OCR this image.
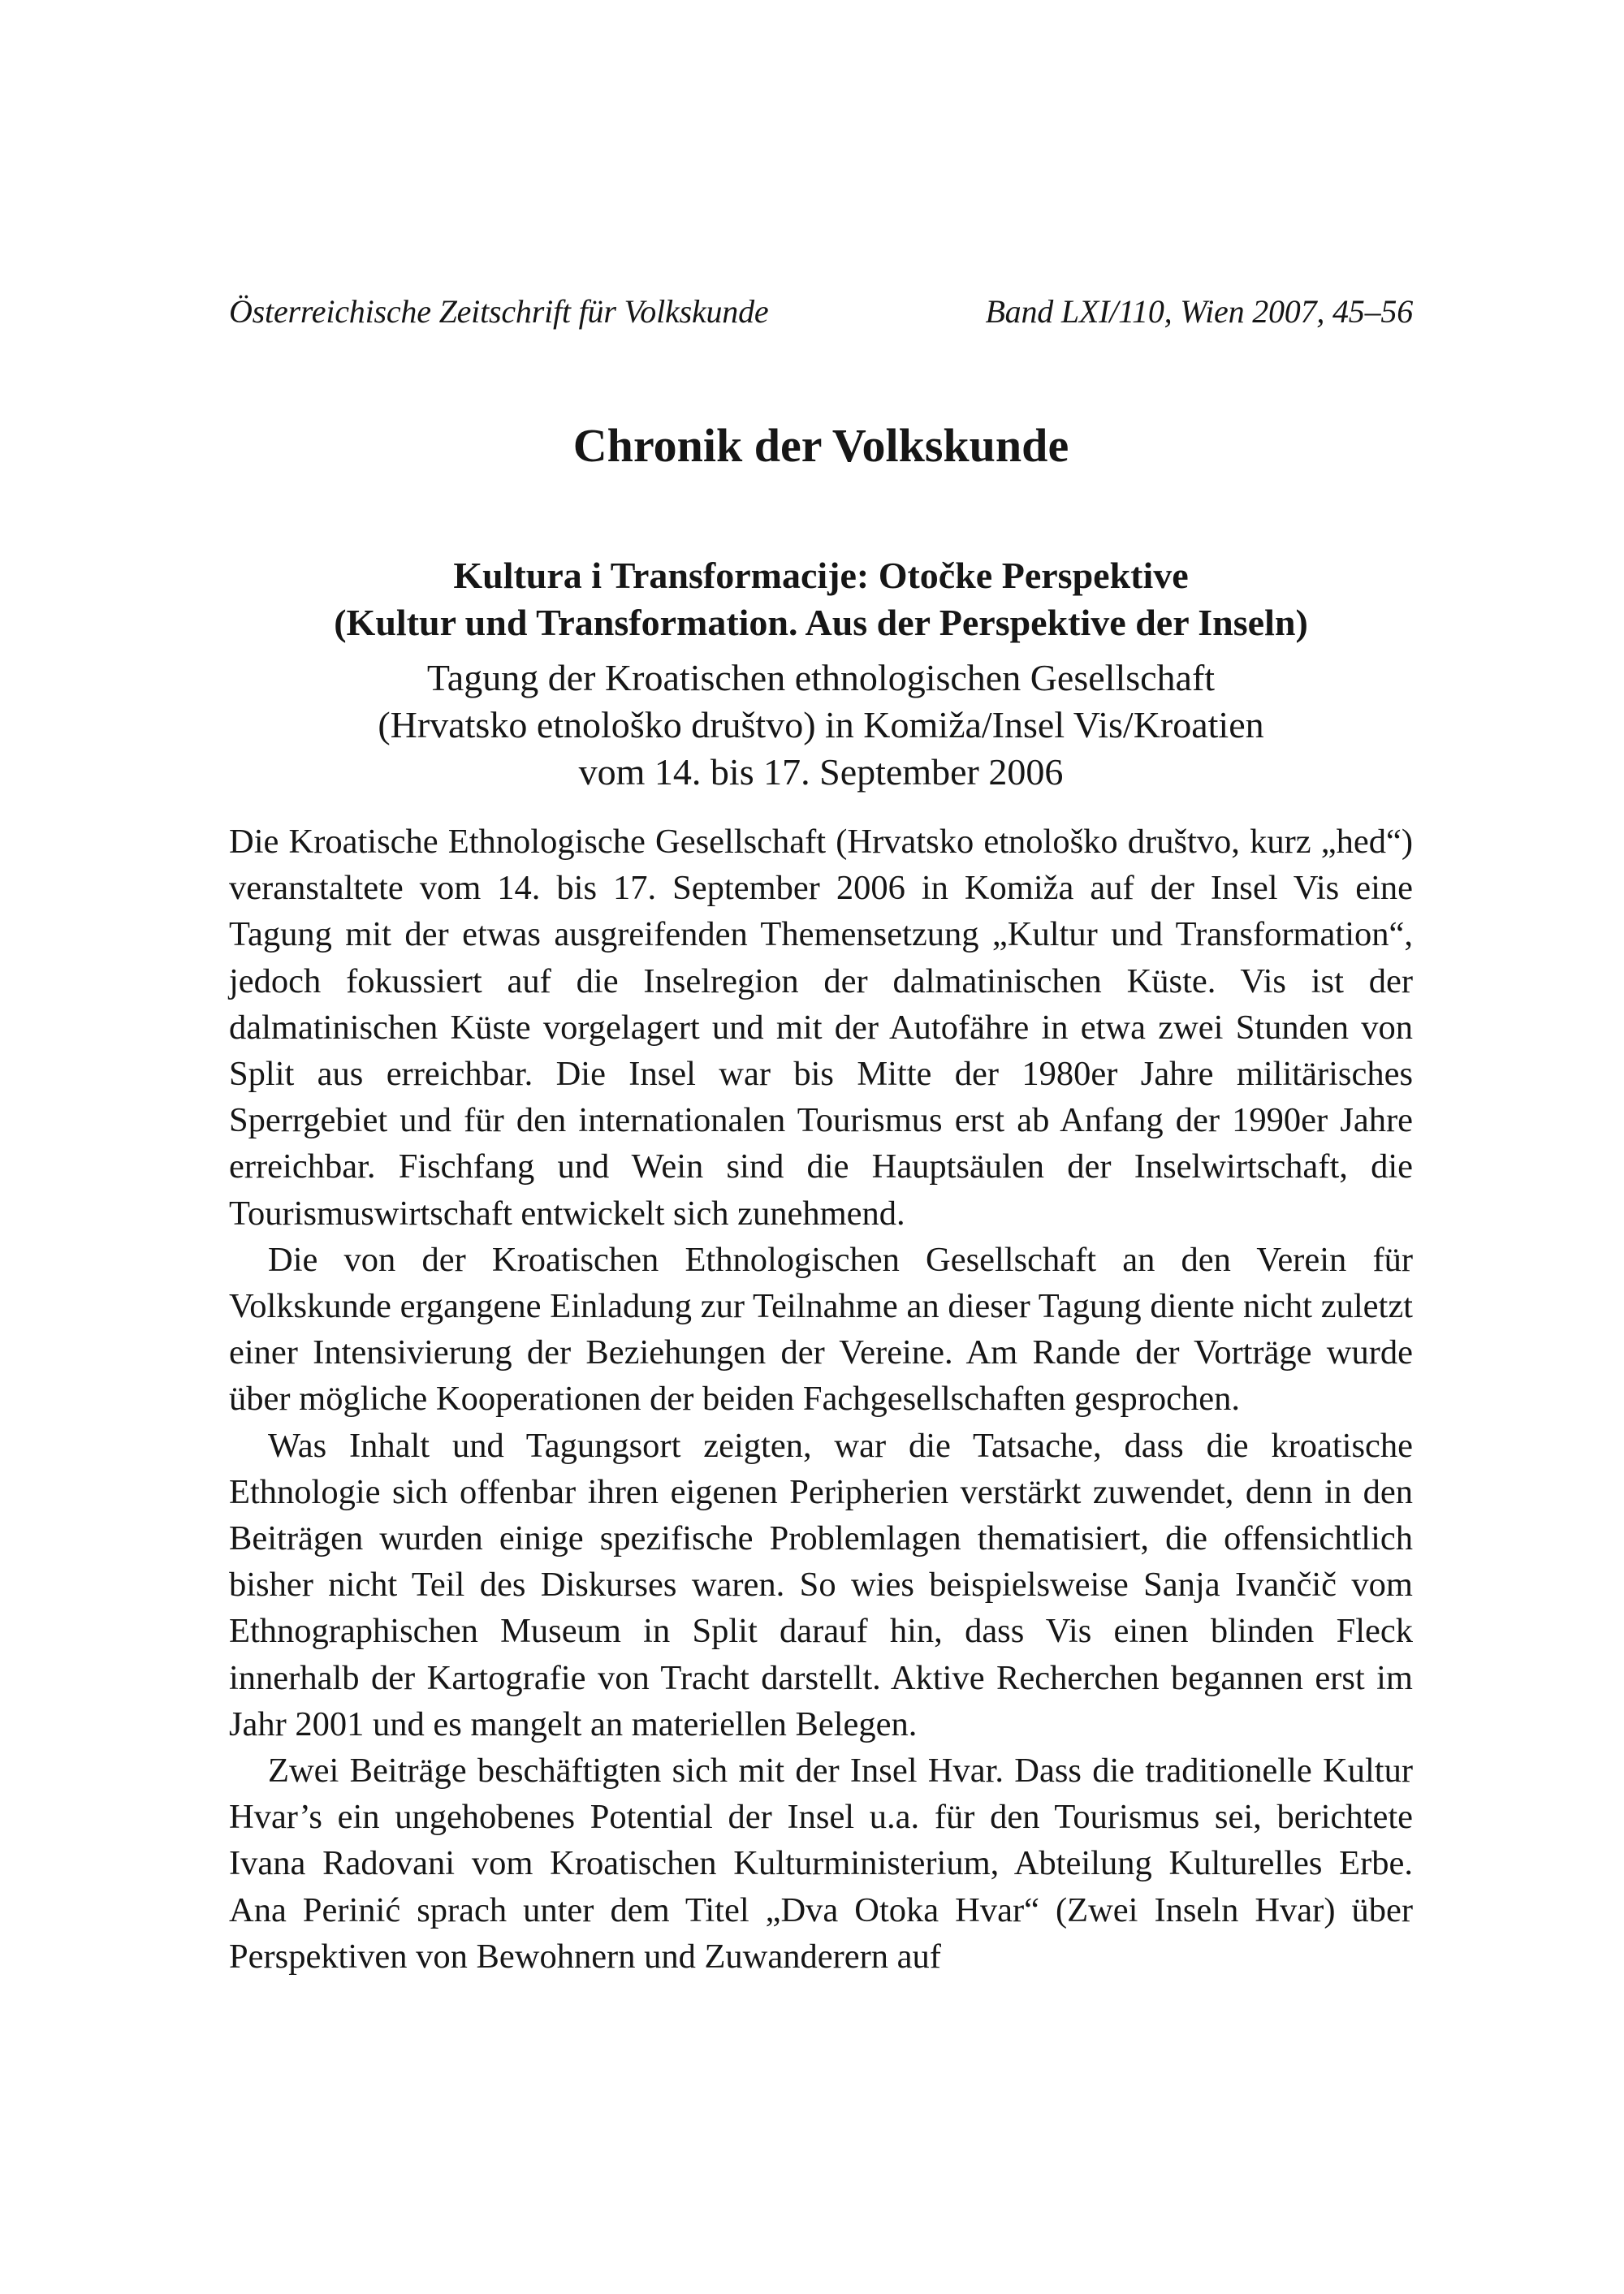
Österreichische Zeitschrift für Volkskunde	Band LXI/110, Wien 2007, 45–56
Chronik der Volkskunde
Kultura i Transformacije: Otočke Perspektive
(Kultur und Transformation. Aus der Perspektive der Inseln)
Tagung der Kroatischen ethnologischen Gesellschaft
(Hrvatsko etnološko društvo) in Komiža/Insel Vis/Kroatien
vom 14. bis 17. September 2006

Die Kroatische Ethnologische Gesellschaft (Hrvatsko etnološko društvo, kurz „hed“) veranstaltete vom 14. bis 17. September 2006 in Komiža auf der Insel Vis eine Tagung mit der etwas ausgreifenden Themensetzung „Kultur und Transformation“, jedoch fokussiert auf die Inselregion der dalmatinischen Küste. Vis ist der dalmatinischen Küste vorgelagert und mit der Autofähre in etwa zwei Stunden von Split aus erreichbar. Die Insel war bis Mitte der 1980er Jahre militärisches Sperrgebiet und für den internationalen Tourismus erst ab Anfang der 1990er Jahre erreichbar. Fischfang und Wein sind die Hauptsäulen der Inselwirtschaft, die Tourismuswirtschaft entwickelt sich zunehmend.

Die von der Kroatischen Ethnologischen Gesellschaft an den Verein für Volkskunde ergangene Einladung zur Teilnahme an dieser Tagung diente nicht zuletzt einer Intensivierung der Beziehungen der Vereine. Am Rande der Vorträge wurde über mögliche Kooperationen der beiden Fachgesellschaften gesprochen.

Was Inhalt und Tagungsort zeigten, war die Tatsache, dass die kroatische Ethnologie sich offenbar ihren eigenen Peripherien verstärkt zuwendet, denn in den Beiträgen wurden einige spezifische Problemlagen thematisiert, die offensichtlich bisher nicht Teil des Diskurses waren. So wies beispielsweise Sanja Ivančič vom Ethnographischen Museum in Split darauf hin, dass Vis einen blinden Fleck innerhalb der Kartografie von Tracht darstellt. Aktive Recherchen begannen erst im Jahr 2001 und es mangelt an materiellen Belegen.

Zwei Beiträge beschäftigten sich mit der Insel Hvar. Dass die traditionelle Kultur Hvar’s ein ungehobenes Potential der Insel u.a. für den Tourismus sei, berichtete Ivana Radovani vom Kroatischen Kulturministerium, Abteilung Kulturelles Erbe. Ana Perinić sprach unter dem Titel „Dva Otoka Hvar“ (Zwei Inseln Hvar) über Perspektiven von Bewohnern und Zuwanderern auf
